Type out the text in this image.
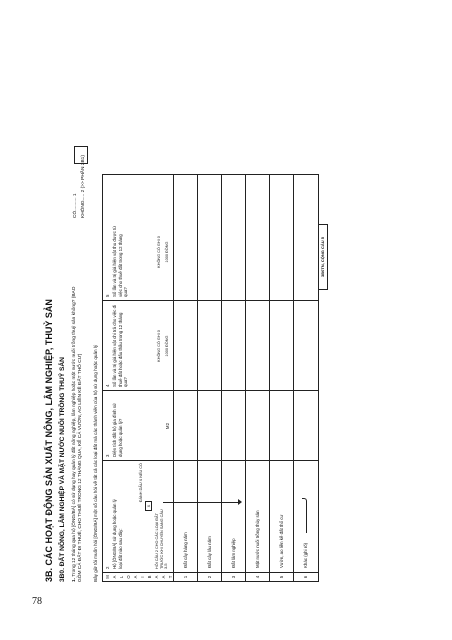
78
3B. CÁC HOẠT ĐỘNG SẢN XUẤT NÔNG, LÂM NGHIỆP, THUỶ SẢN 3B0. ĐẤT NÔNG, LÂM NGHIỆP VÀ MẶT NƯỚC NUÔI TRỒNG THUỶ SẢN 1. Trong 12 tháng qua hộ [ÔNG/BÀ] có sử dụng hay quản lý đất nông nghiệp, lâm nghiệp hoặc mặt nước nuôi trồng thuỷ sản không? (BAO GỒM CẢ ĐẤT ĐI THUÊ, CHO THUÊ TRONG 12 THÁNG QUA, KỂ CẢ VƯỜN, AO LIỀN KỀ ĐẤT THỔ CƯ)
CÓ.......... 1 KHÔNG..... 2 (>> PHẦN 3B1)
Bây giờ tôi muốn hỏi [ÔNG/BÀ] một số câu hỏi về tất cả các loại đất mà các thành viên của hộ sử dụng hoặc quản lý M A L O A I B A A T
2 Hộ [ÔNG/BÀ] sử dụng hoặc quản lý loại đất nào sau đây:
ĐÁNH DẤU X NẾU CÓ
X
HỎI CÂU 2 CHO CÁC LOẠI ĐẤT TRƯỚC KHI CHUYỂN SANG CÂU 3-5
3 Diện tích đất hộ gia đình sử dụng hoặc quản lý?	M2
4 Số lần và trị giá hiện vật chi trả cho việc đi thuê đất hoặc đấu thầu trong 12 tháng qua?
KHÔNG CÓ GHI 0 1000 ĐỒNG
5 Số lần và trị giá hiện vật thu được từ việc cho thuê đất trong 12 tháng qua?
KHÔNG CÓ GHI 0 1000 ĐỒNG
1
Đất cây hàng năm
2
Đất cây lâu năm
3
Đất lâm nghiệp
4
Mặt nước nuôi trồng thủy sản
5
Vườn, ao liền kề đất thổ cư
6
Khác (ghi rõ)
3B0TN, CỘNG CÂU 5
